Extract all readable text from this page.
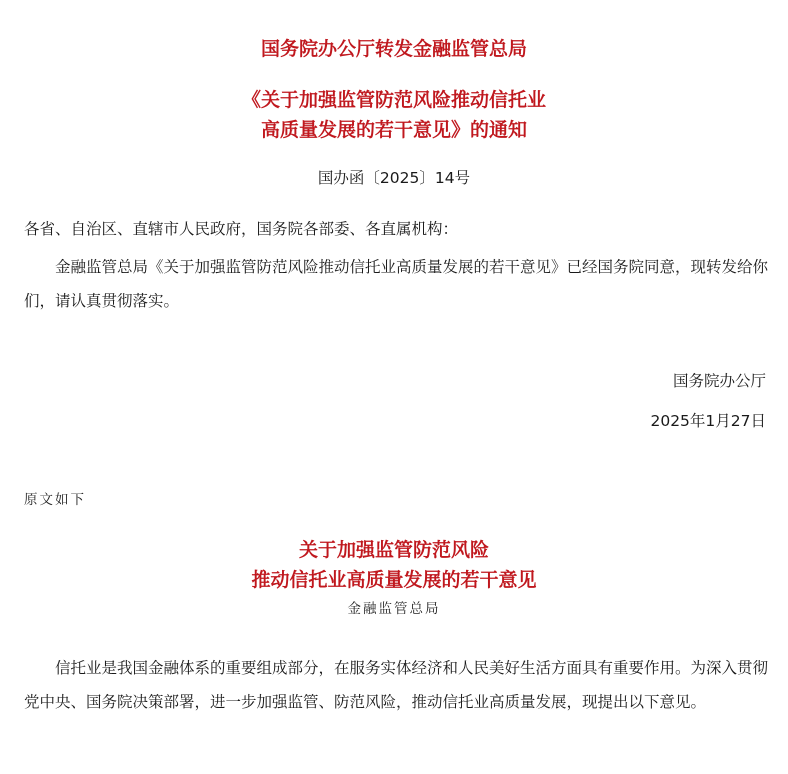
国务院办公厅转发金融监管总局
《关于加强监管防范风险推动信托业
高质量发展的若干意见》的通知
国办函〔2025〕14号
各省、自治区、直辖市人民政府，国务院各部委、各直属机构：
金融监管总局《关于加强监管防范风险推动信托业高质量发展的若干意见》已经国务院同意，现转发给你们，请认真贯彻落实。
国务院办公厅
2025年1月27日
原文如下
关于加强监管防范风险
推动信托业高质量发展的若干意见
金融监管总局
信托业是我国金融体系的重要组成部分，在服务实体经济和人民美好生活方面具有重要作用。为深入贯彻党中央、国务院决策部署，进一步加强监管、防范风险，推动信托业高质量发展，现提出以下意见。
